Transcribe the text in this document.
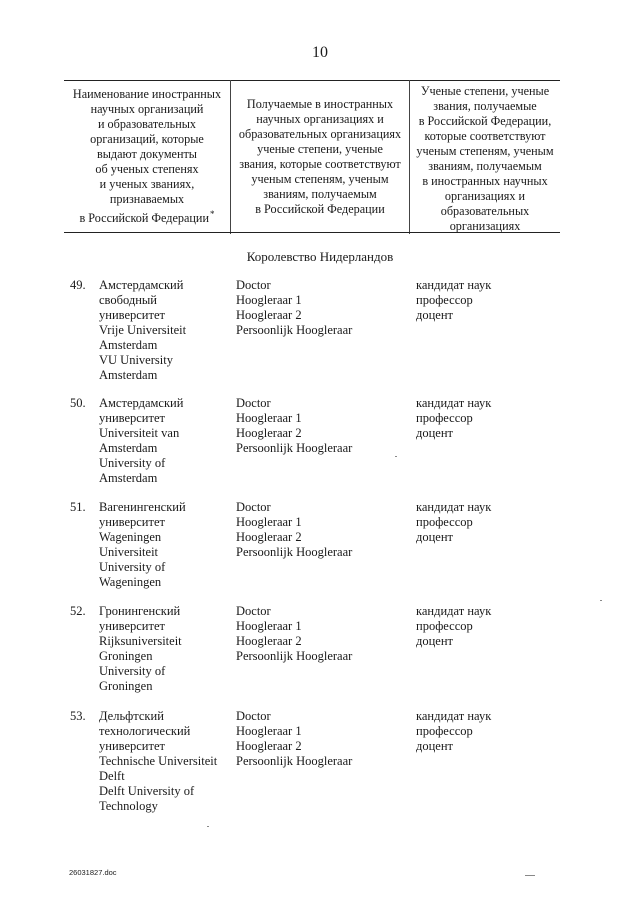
10
Наименование иностранных
научных организаций
и образовательных
организаций, которые
выдают документы
об ученых степенях
и ученых званиях,
признаваемых
в Российской Федерации*
Получаемые в иностранных
научных организациях и
образовательных организациях
ученые степени, ученые
звания, которые соответствуют
ученым степеням, ученым
званиям, получаемым
в Российской Федерации
Ученые степени, ученые
звания, получаемые
в Российской Федерации,
которые соответствуют
ученым степеням, ученым
званиям, получаемым
в иностранных научных
организациях и
образовательных
организациях
Королевство Нидерландов
49. Амстердамский
свободный
университет
Vrije Universiteit
Amsterdam
VU University
Amsterdam
Doctor
Hoogleraar 1
Hoogleraar 2
Persoonlijk Hoogleraar
кандидат наук
профессор
доцент
50. Амстердамский
университет
Universiteit van
Amsterdam
University of
Amsterdam
Doctor
Hoogleraar 1
Hoogleraar 2
Persoonlijk Hoogleraar
кандидат наук
профессор
доцент
51. Вагенингенский
университет
Wageningen
Universiteit
University of
Wageningen
Doctor
Hoogleraar 1
Hoogleraar 2
Persoonlijk Hoogleraar
кандидат наук
профессор
доцент
52. Гронингенский
университет
Rijksuniversiteit
Groningen
University of
Groningen
Doctor
Hoogleraar 1
Hoogleraar 2
Persoonlijk Hoogleraar
кандидат наук
профессор
доцент
53. Дельфтский
технологический
университет
Technische Universiteit
Delft
Delft University of
Technology
Doctor
Hoogleraar 1
Hoogleraar 2
Persoonlijk Hoogleraar
кандидат наук
профессор
доцент
26031827.doc
